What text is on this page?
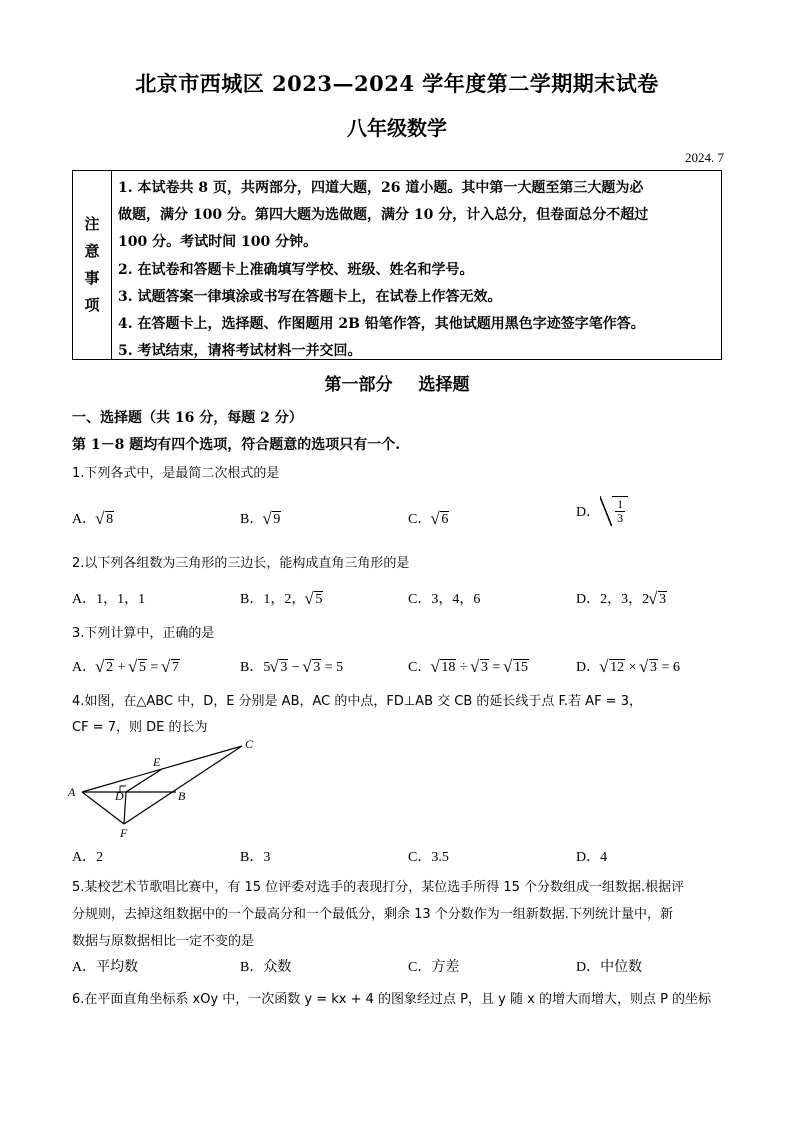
北京市西城区 2023—2024 学年度第二学期期末试卷
八年级数学
2024. 7
注
意
事
项
1. 本试卷共 8 页，共两部分，四道大题，26 道小题。其中第一大题至第三大题为必
做题，满分 100 分。第四大题为选做题，满分 10 分，计入总分，但卷面总分不超过
100 分。考试时间 100 分钟。
2. 在试卷和答题卡上准确填写学校、班级、姓名和学号。
3. 试题答案一律填涂或书写在答题卡上，在试卷上作答无效。
4. 在答题卡上，选择题、作图题用 2B 铅笔作答，其他试题用黑色字迹签字笔作答。
5. 考试结束，请将考试材料一并交回。
第一部分 选择题
一、选择题（共 16 分，每题 2 分）
第 1－8 题均有四个选项，符合题意的选项只有一个.
1.下列各式中，是最简二次根式的是
A． √ 8	B． √ 9	C． √ 6	D． $\frac{1}{3}$
2.以下列各组数为三角形的三边长，能构成直角三角形的是
A．1，1，1	B．1，2， √ 5	C．3，4，6	D．2，3，2 √ 3
3.下列计算中，正确的是
A． √ 2 + √ 5 = √ 7	B．5 √ 3 − √ 3 = 5	C． √ 18 ÷ √ 3 = √ 15	D． √ 12 × √ 3 = 6
4.如图，在△ABC 中，D，E 分别是 AB，AC 的中点，FD⊥AB 交 CB 的延长线于点 F.若 AF = 3，
CF = 7，则 DE 的长为
A	B
C
D
E
F
A．2	B．3	C．3.5	D．4
5.某校艺术节歌唱比赛中，有 15 位评委对选手的表现打分，某位选手所得 15 个分数组成一组数据.根据评
分规则，去掉这组数据中的一个最高分和一个最低分，剩余 13 个分数作为一组新数据.下列统计量中，新
数据与原数据相比一定不变的是
A．平均数	B．众数	C．方差	D．中位数
6.在平面直角坐标系 xOy 中，一次函数 y = kx + 4 的图象经过点 P，且 y 随 x 的增大而增大，则点 P 的坐标
